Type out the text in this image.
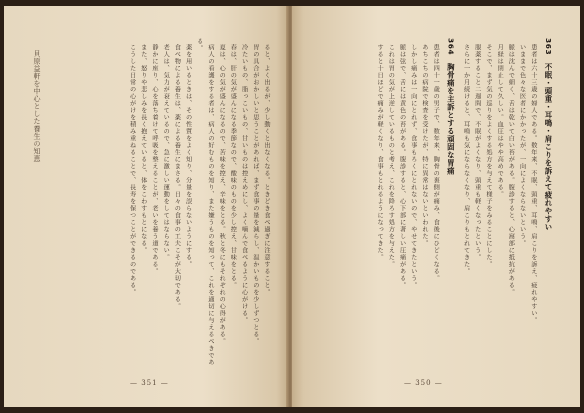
貝原益軒を中心とした養生の知恵	ると、よく出るが、少し動くと出なくなる。ときどき食べ過ぎに注意すること。

胃の具合がおかしいと思うことがあれば、まず食事の量を減らし、温かいものを少しずつとる。

冷たいもの、脂っこいもの、甘いものは控えめにし、よく噛んで食べるように心がける。

春は、肝の気が盛んになる季節なので、酸味のものを少し控え、甘味をとる。

夏は、心の気が盛んになるので、苦味を控え、辛味をとる。秋と冬にもそれぞれの心得がある。

病人の看護をする者は、病人の好むものを知り、また嫌うものを知って、これを適切に与えるべきである。

薬を用いるときは、その性質をよく知り、分量を誤らないようにする。

食べ物による養生は、薬による養生にまさる。日々の食事の工夫こそが大切である。

老人は、気力が衰えているので、急に激しい運動をしてはならない。

静かに座り、心を落ち着けて呼吸を整えることが、老いを養う道である。

また、怒りや悲しみを長く抱えていると、体をこわすもとになる。

こうした日常の心がけを積み重ねることで、長寿を保つことができるのである。

— 351 —

363　不眠・頭重・耳鳴・肩こりを訴えて疲れやすい

患者は六十三歳の婦人である。数年来、不眠、頭重、耳鳴、肩こりを訴え、疲れやすい。

いままで色々な医者にかかったが、一向によくならないという。

脈は沈んで細く、舌は乾いて白い苔がある。腹診すると、心窩部に抵抗がある。

月経は閉止して久しい。血圧はやや高めである。

そこで、まず気の巡りをよくする処方を与えて様子をみることにした。

服薬すること二週間で、不眠がよくなり、頭重も軽くなったという。

さらに一か月続けると、耳鳴も気にならなくなり、肩こりもとれてきた。

364　胸骨痛を主訴とする頑固な胃痛

患者は四十一歳の男子で、数年来、胸骨の裏側が痛み、食後にひどくなる。

あちこちの病院で検査を受けたが、特に異常はないといわれた。

しかし痛みは一向にとれず、食事もろくにとれないので、やせてきたという。

脈は弦で、舌には黄色の苔がある。腹診すると、心下部に著しい圧痛がある。

これは胃の気が上逆しているものと考え、これを降ろす処方を与えた。

すると十日ほどで痛みが軽くなり、食事もとれるようになってきた。

— 350 —
